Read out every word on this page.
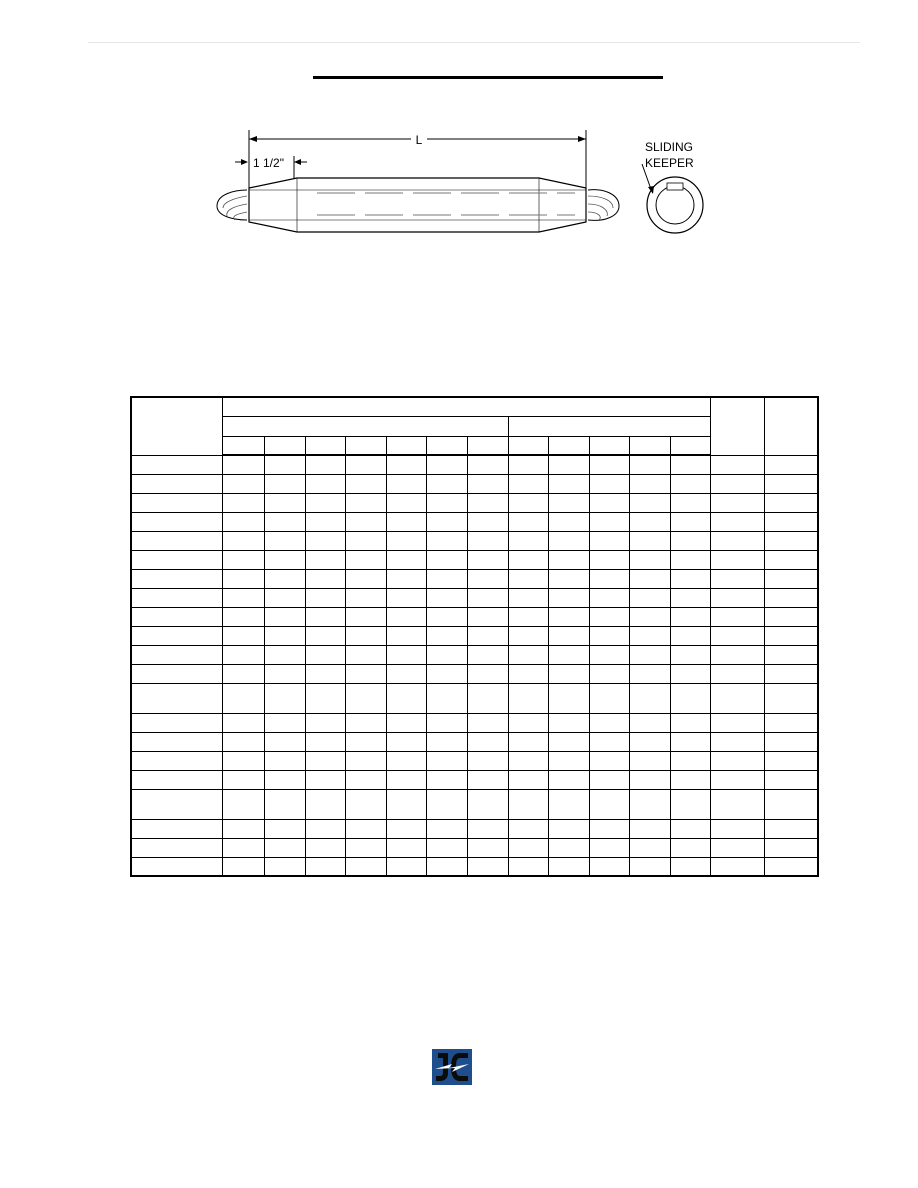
L
1 1/2"
SLIDING
KEEPER
